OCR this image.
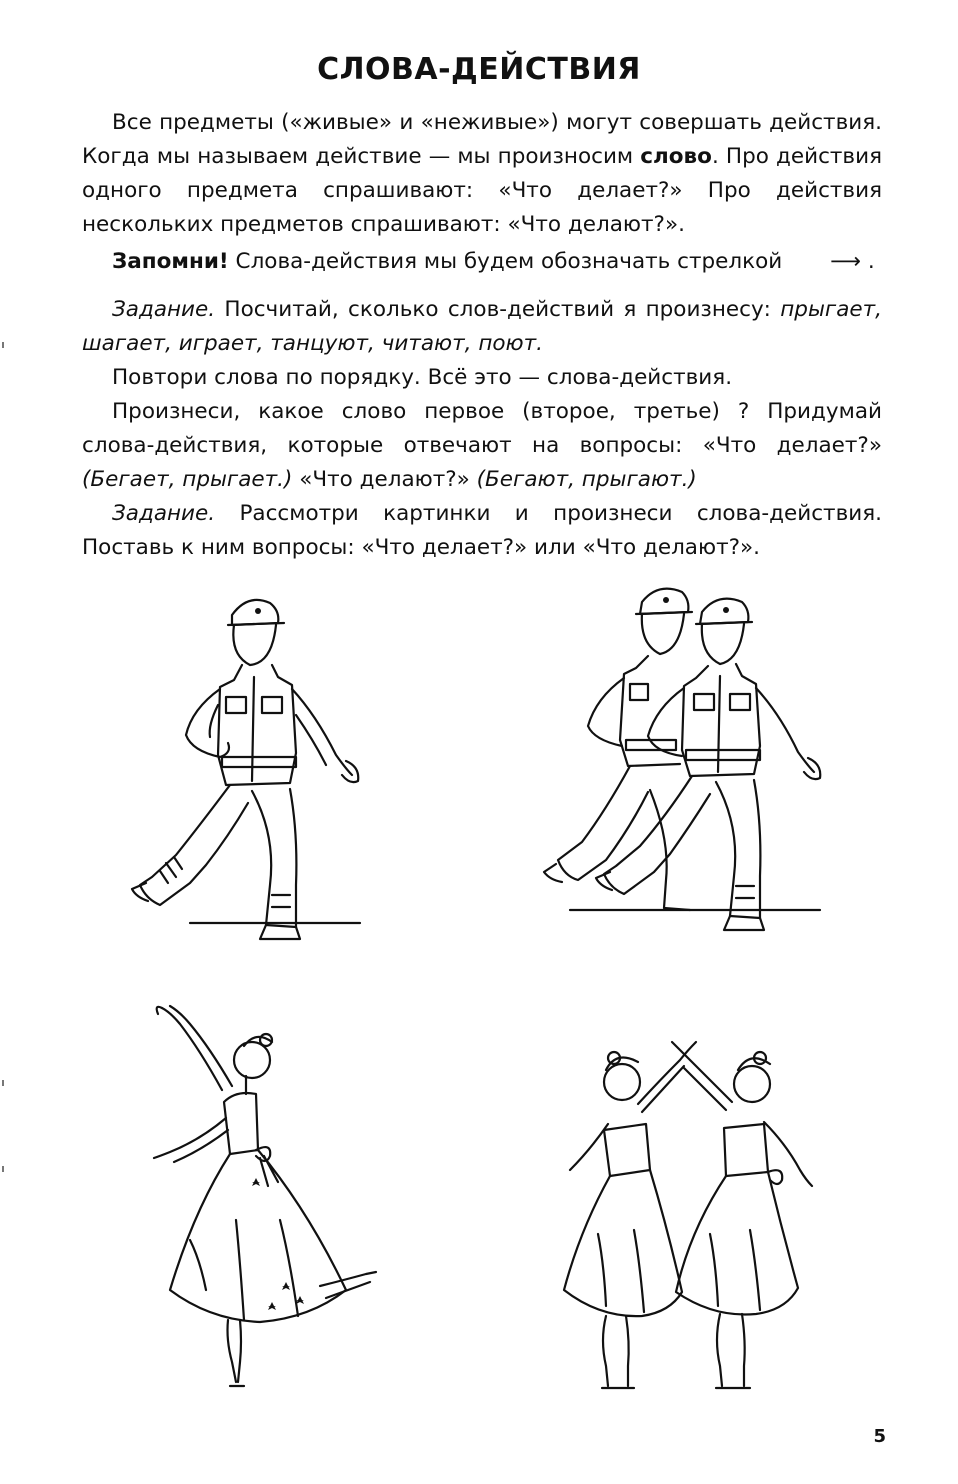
СЛОВА-ДЕЙСТВИЯ

Все предметы («живые» и «неживые») могут совершать действия. Когда мы называем действие — мы произносим слово. Про действия одного предмета спрашивают: «Что делает?» Про действия нескольких предметов спрашивают: «Что делают?».

Запомни! Слова-действия мы будем обозначать стрелкой ⟶ .

Задание. Посчитай, сколько слов-действий я произнесу: прыгает, шагает, играет, танцуют, читают, поют.

Повтори слова по порядку. Всё это — слова-действия.

Произнеси, какое слово первое (второе, третье) ? Придумай слова-действия, которые отвечают на вопросы: «Что делает?» (Бегает, прыгает.) «Что делают?» (Бегают, прыгают.)

Задание. Рассмотри картинки и произнеси слова-действия. Поставь к ним вопросы: «Что делает?» или «Что делают?».

5
